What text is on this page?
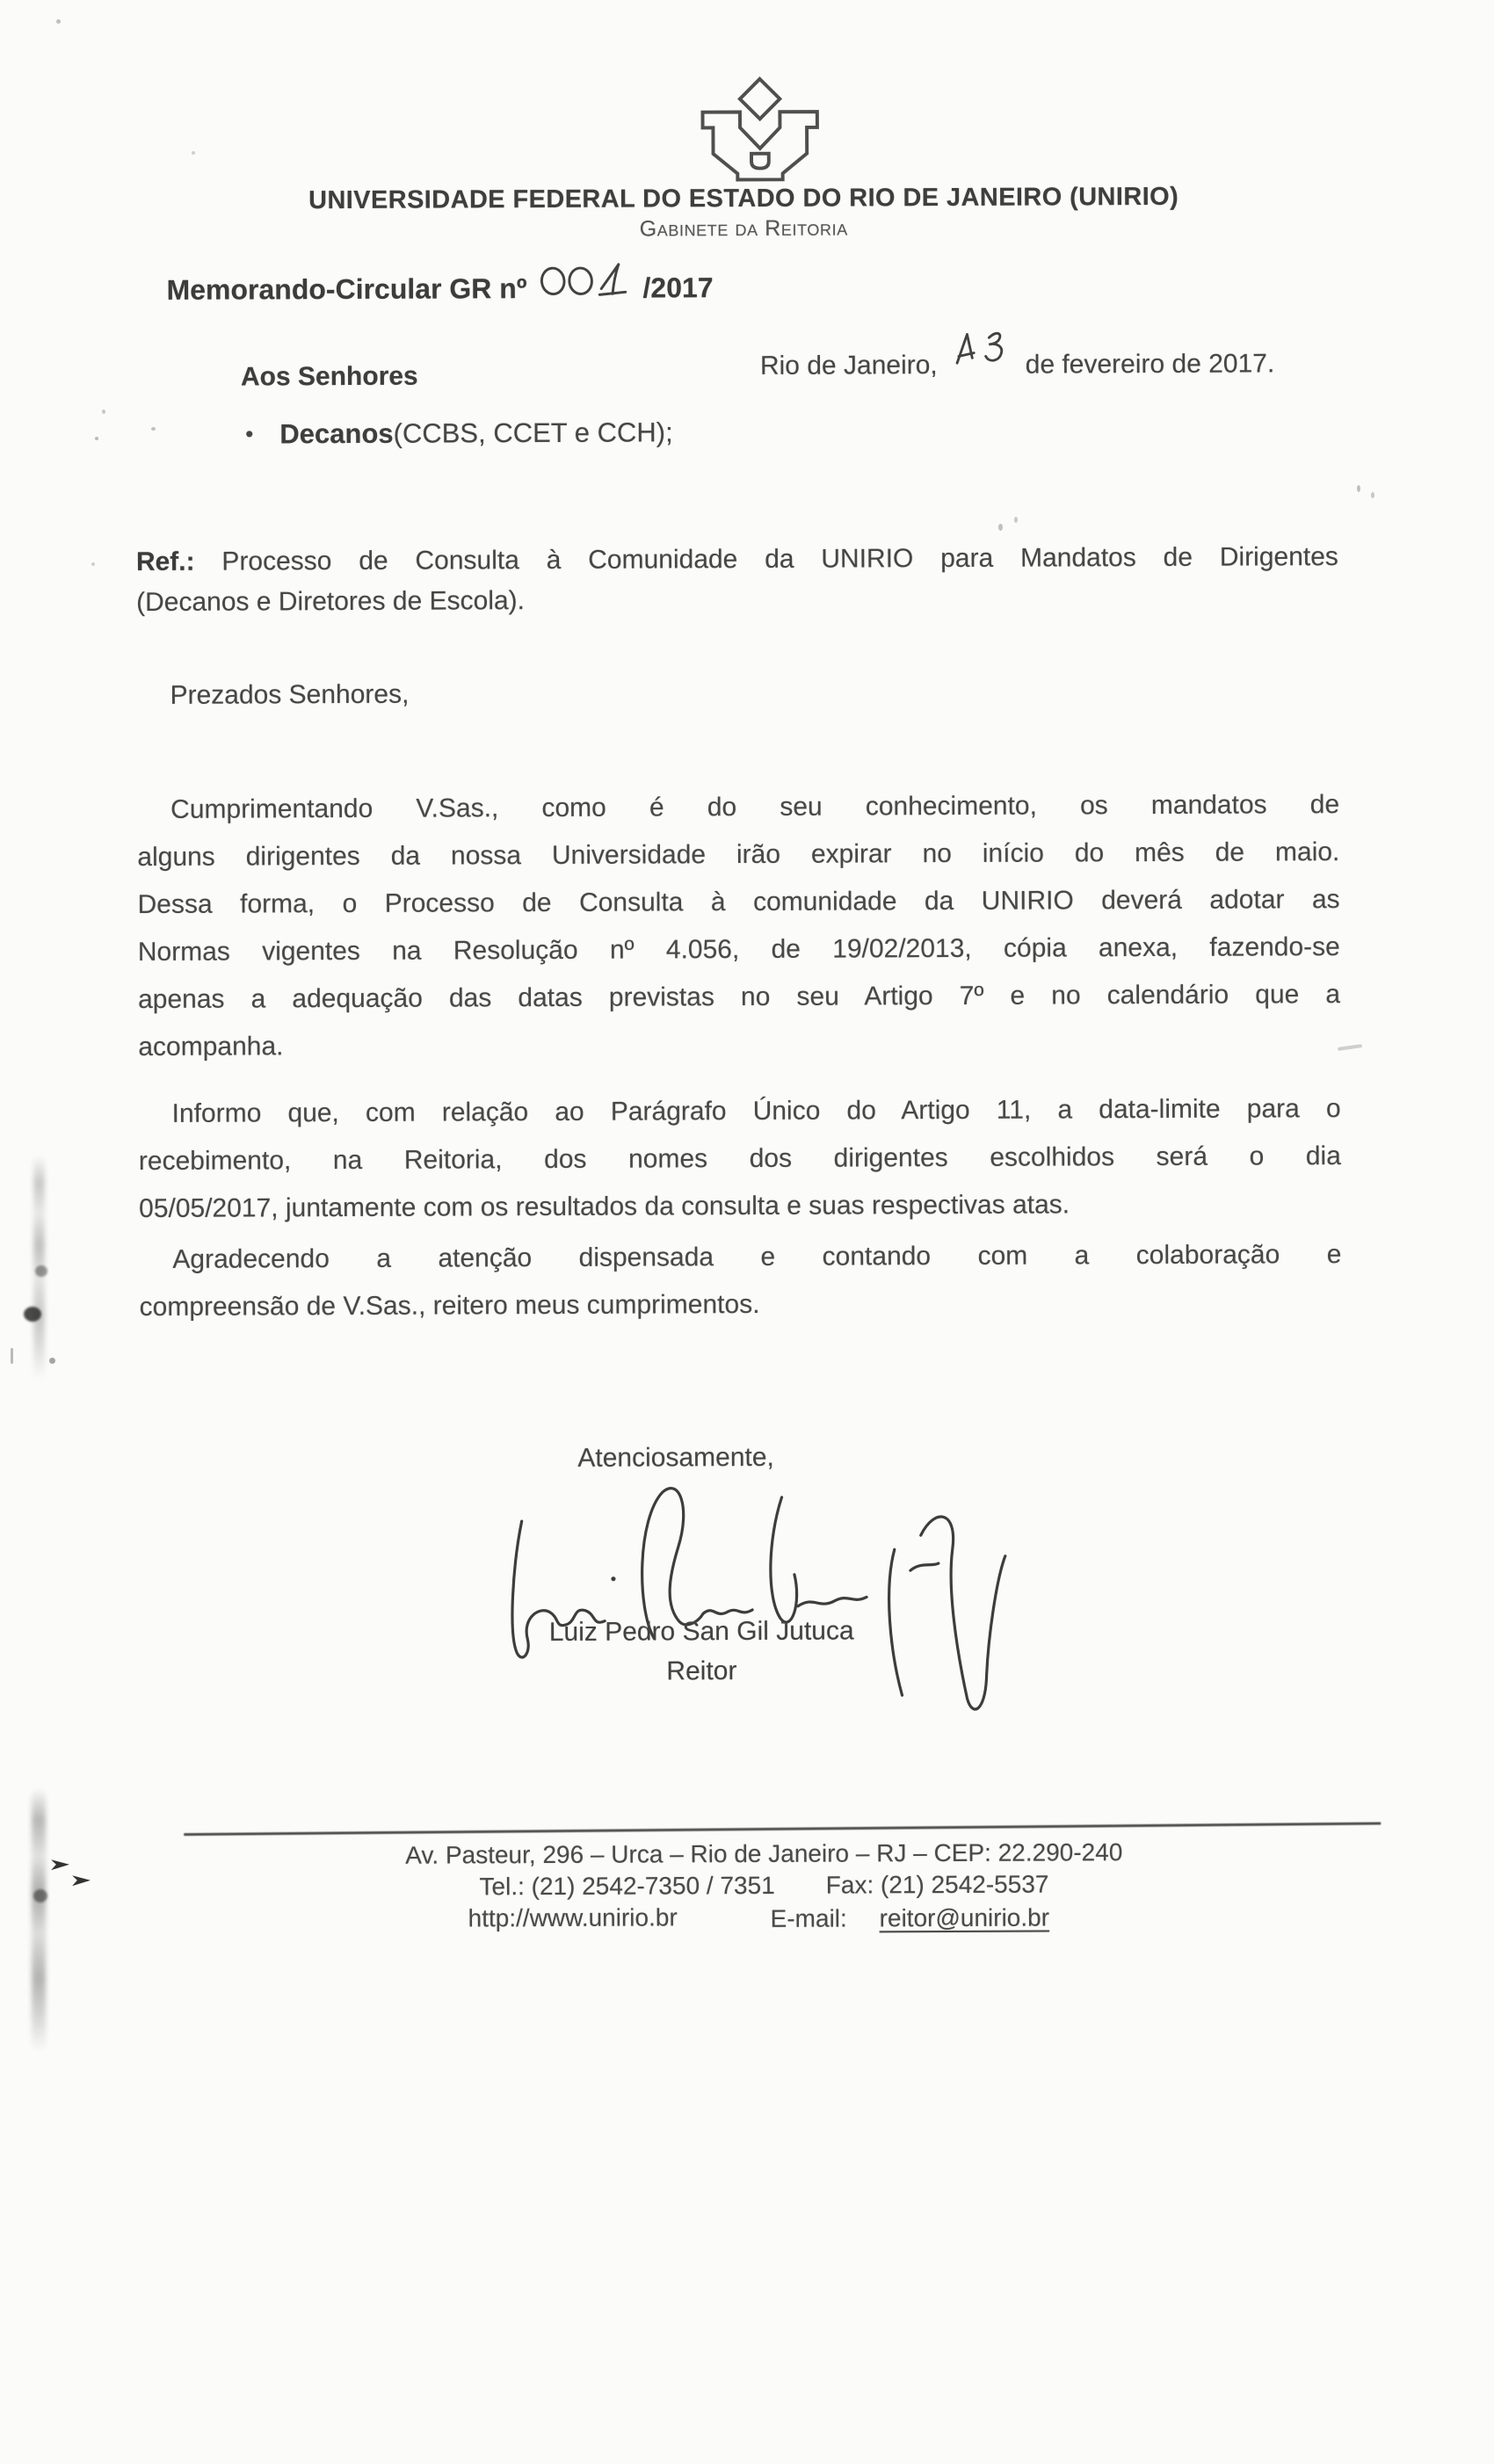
UNIVERSIDADE FEDERAL DO ESTADO DO RIO DE JANEIRO (UNIRIO)
Gabinete da Reitoria
Memorando-Circular GR nº	/2017
Rio de Janeiro,	de fevereiro de 2017.
Aos Senhores
• Decanos (CCBS, CCET e CCH);
Ref.: Processo de Consulta à Comunidade da UNIRIO para Mandatos de Dirigentes
(Decanos e Diretores de Escola).
Prezados Senhores,
Cumprimentando V.Sas., como é do seu conhecimento, os mandatos de
alguns dirigentes da nossa Universidade irão expirar no início do mês de maio.
Dessa forma, o Processo de Consulta à comunidade da UNIRIO deverá adotar as
Normas vigentes na Resolução nº 4.056, de 19/02/2013, cópia anexa, fazendo-se
apenas a adequação das datas previstas no seu Artigo 7º e no calendário que a
acompanha.
Informo que, com relação ao Parágrafo Único do Artigo 11, a data-limite para o
recebimento, na Reitoria, dos nomes dos dirigentes escolhidos será o dia
05/05/2017, juntamente com os resultados da consulta e suas respectivas atas.
Agradecendo a atenção dispensada e contando com a colaboração e
compreensão de V.Sas., reitero meus cumprimentos.
Atenciosamente,
Luiz Pedro San Gil Jutuca
Reitor
Av. Pasteur, 296 – Urca – Rio de Janeiro – RJ – CEP: 22.290-240
Tel.: (21) 2542-7350 / 7351 Fax: (21) 2542-5537
http://www.unirio.br	E-mail: reitor@unirio.br
